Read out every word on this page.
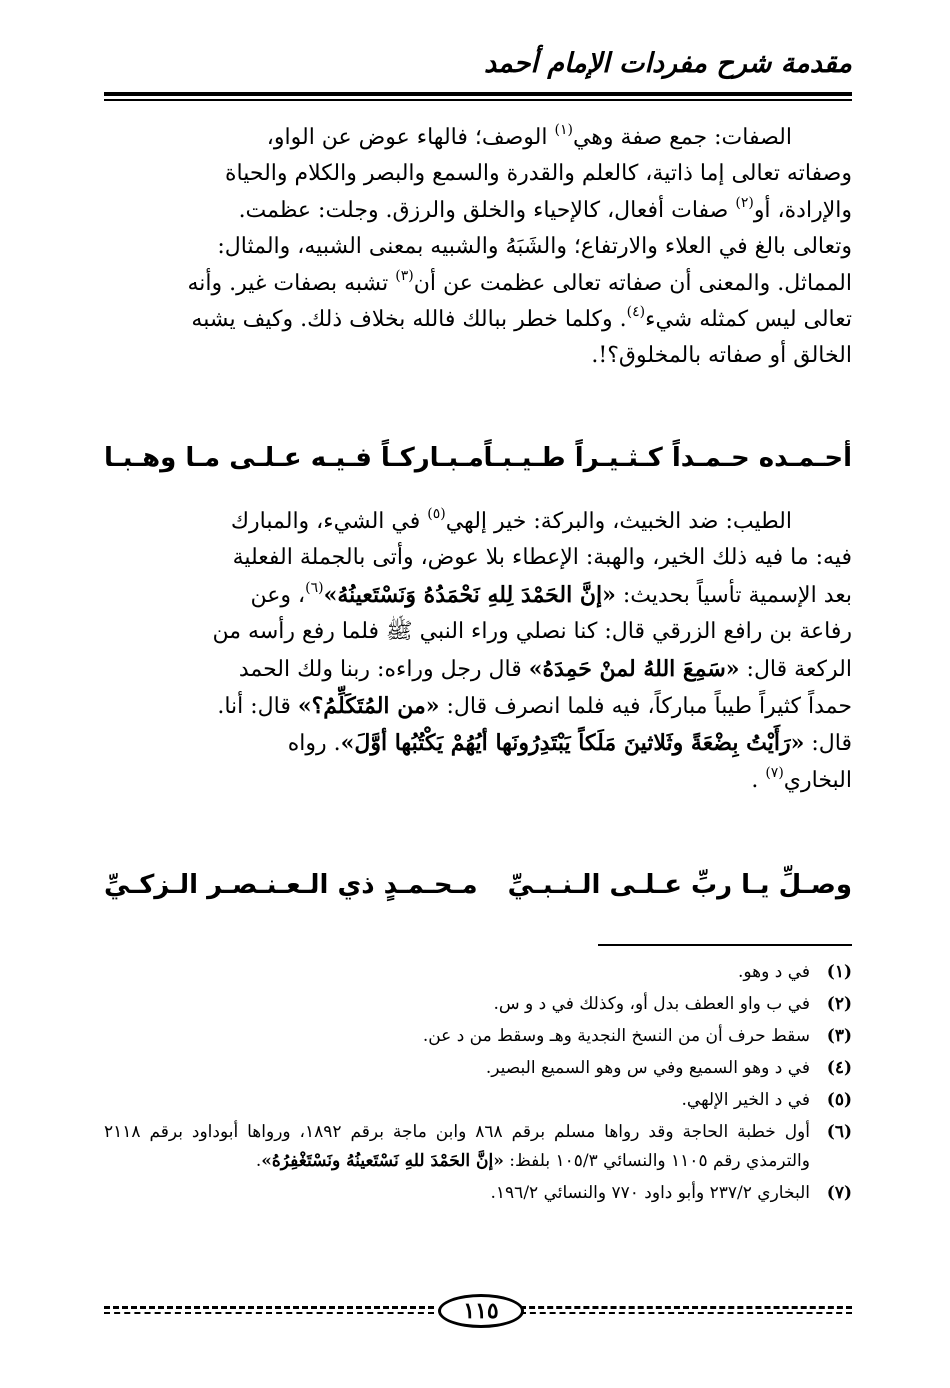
مقدمة شرح مفردات الإمام أحمد
الصفات: جمع صفة وهي$^{(١)}$ الوصف؛ فالهاء عوض عن الواو،
وصفاته تعالى إما ذاتية، كالعلم والقدرة والسمع والبصر والكلام والحياة
والإرادة، أو$^{(٢)}$ صفات أفعال، كالإحياء والخلق والرزق. وجلت: عظمت.
وتعالى بالغ في العلاء والارتفاع؛ والشَبَهُ والشبيه بمعنى الشبيه، والمثال:
المماثل. والمعنى أن صفاته تعالى عظمت عن أن$^{(٣)}$ تشبه بصفات غير. وأنه
تعالى ليس كمثله شيء$^{(٤)}$. وكلما خطر ببالك فالله بخلاف ذلك. وكيف يشبه
الخالق أو صفاته بالمخلوق؟!.
أحـمـده حـمـداً كـثـيـراً طـيـبـاً
مـبـاركـاً فـيـه عـلـى مـا وهـبـا
الطيب: ضد الخبيث، والبركة: خير إلهي$^{(٥)}$ في الشيء، والمبارك
فيه: ما فيه ذلك الخير، والهبة: الإعطاء بلا عوض، وأتى بالجملة الفعلية
بعد الإسمية تأسياً بحديث: «إنَّ الحَمْدَ لِلهِ نَحْمَدُهُ وَنَسْتَعينُهُ»$^{(٦)}$، وعن
رفاعة بن رافع الزرقي قال: كنا نصلي وراء النبي ﷺ فلما رفع رأسه من
الركعة قال: «سَمِعَ اللهُ لمنْ حَمِدَهُ» قال رجل وراءه: ربنا ولك الحمد
حمداً كثيراً طيباً مباركاً، فيه فلما انصرف قال: «من المُتَكَلِّمُ؟» قال: أنا.
قال: «رَأَيْتُ بِضْعَةً وثَلاثينَ مَلَكاً يَبْتَدِرُونَها أيُهُمْ يَكْتُبُها أوَّلَ». رواه
البخاري$^{(٧)}$ .
وصـلِّ يـا ربِّ عـلـى الـنـبـيِّ
مـحـمـدٍ ذي الـعـنـصـر الـزكـيِّ
(١)
في د وهو.
(٢)
في ب واو العطف بدل أو، وكذلك في د و س.
(٣)
سقط حرف أن من النسخ النجدية وهـ وسقط من د عن.
(٤)
في د وهو السميع وفي س وهو السميع البصير.
(٥)
في د الخير الإلهي.
(٦)
أول خطبة الحاجة وقد رواها مسلم برقم ٨٦٨ وابن ماجة برقم ١٨٩٢، ورواها أبوداود برقم ٢١١٨ والترمذي رقم ١١٠٥ والنسائي ١٠٥/٣ بلفظ: «إنَّ الحَمْدَ للهِ نَسْتَعينُهُ ونَسْتَغْفِرُهُ».
(٧)
البخاري ٢٣٧/٢ وأبو داود ٧٧٠ والنسائي ١٩٦/٢.
١١٥
